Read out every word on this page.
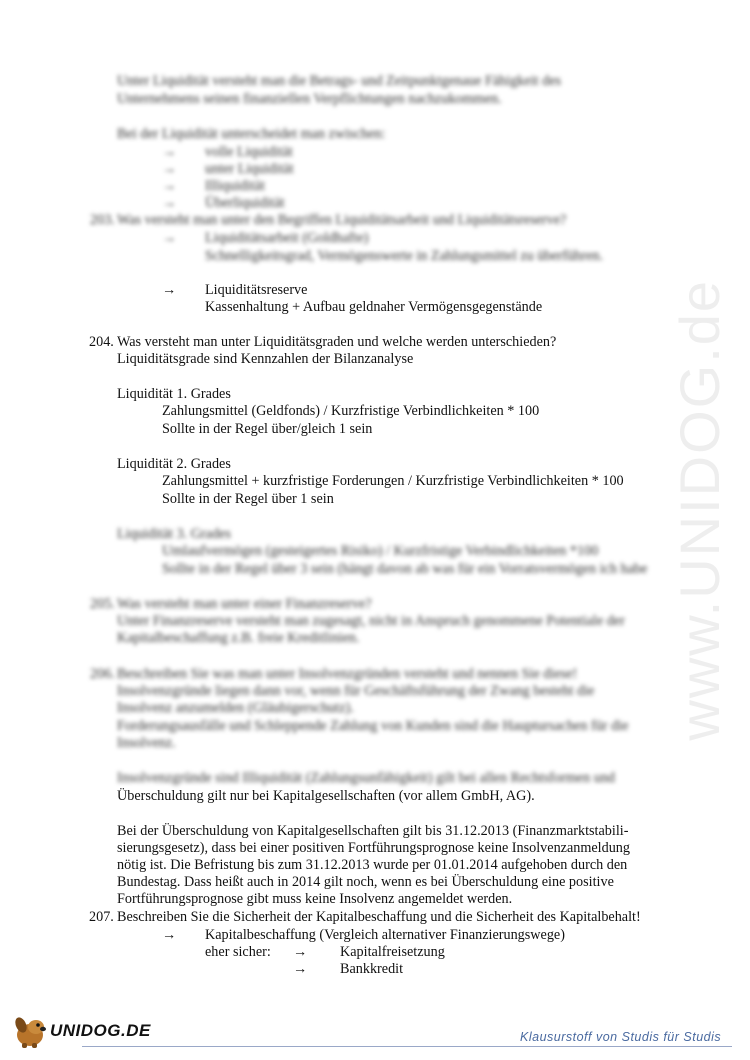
www.UNIDOG.de
Unter Liquidität versteht man die Betrags- und Zeitpunktgenaue Fähigkeit des
Unternehmens seinen finanziellen Verpflichtungen nachzukommen.
Bei der Liquidität unterscheidet man zwischen:
→ volle Liquidität
→ unter Liquidität
→ Illiquidität
→ Überliquidität
203. Was versteht man unter den Begriffen Liquiditätsarbeit und Liquiditätsreserve?
→ Liquiditätsarbeit (Goldhafte)
Schnelligkeitsgrad, Vermögenswerte in Zahlungsmittel zu überführen.
→ Liquiditätsreserve
Kassenhaltung + Aufbau geldnaher Vermögensgegenstände
204. Was versteht man unter Liquiditätsgraden und welche werden unterschieden?
Liquiditätsgrade sind Kennzahlen der Bilanzanalyse
Liquidität 1. Grades
Zahlungsmittel (Geldfonds) / Kurzfristige Verbindlichkeiten * 100
Sollte in der Regel über/gleich 1 sein
Liquidität 2. Grades
Zahlungsmittel + kurzfristige Forderungen / Kurzfristige Verbindlichkeiten * 100
Sollte in der Regel über 1 sein
Liquidität 3. Grades
Umlaufvermögen (gesteigertes Risiko) / Kurzfristige Verbindlichkeiten *100
Sollte in der Regel über 3 sein (hängt davon ab was für ein Vorratsvermögen ich habe
205. Was versteht man unter einer Finanzreserve?
Unter Finanzreserve versteht man zugesagt, nicht in Anspruch genommene Potentiale der
Kapitalbeschaffung z.B. freie Kreditlinien.
206. Beschreiben Sie was man unter Insolvenzgründen versteht und nennen Sie diese!
Insolvenzgründe liegen dann vor, wenn für Geschäftsführung der Zwang besteht die
Insolvenz anzumelden (Gläubigerschutz).
Forderungsausfälle und Schleppende Zahlung von Kunden sind die Hauptursachen für die
Insolvenz.
Insolvenzgründe sind Illiquidität (Zahlungsunfähigkeit) gilt bei allen Rechtsformen und
Überschuldung gilt nur bei Kapitalgesellschaften (vor allem GmbH, AG).
Bei der Überschuldung von Kapitalgesellschaften gilt bis 31.12.2013 (Finanzmarktstabili-
sierungsgesetz), dass bei einer positiven Fortführungsprognose keine Insolvenzanmeldung
nötig ist. Die Befristung bis zum 31.12.2013 wurde per 01.01.2014 aufgehoben durch den
Bundestag. Dass heißt auch in 2014 gilt noch, wenn es bei Überschuldung eine positive
Fortführungsprognose gibt muss keine Insolvenz angemeldet werden.
207. Beschreiben Sie die Sicherheit der Kapitalbeschaffung und die Sicherheit des Kapitalbehalt!
→ Kapitalbeschaffung (Vergleich alternativer Finanzierungswege)
eher sicher: → Kapitalfreisetzung
→ Bankkredit
UNIDOG.DE	Klausurstoff von Studis für Studis
